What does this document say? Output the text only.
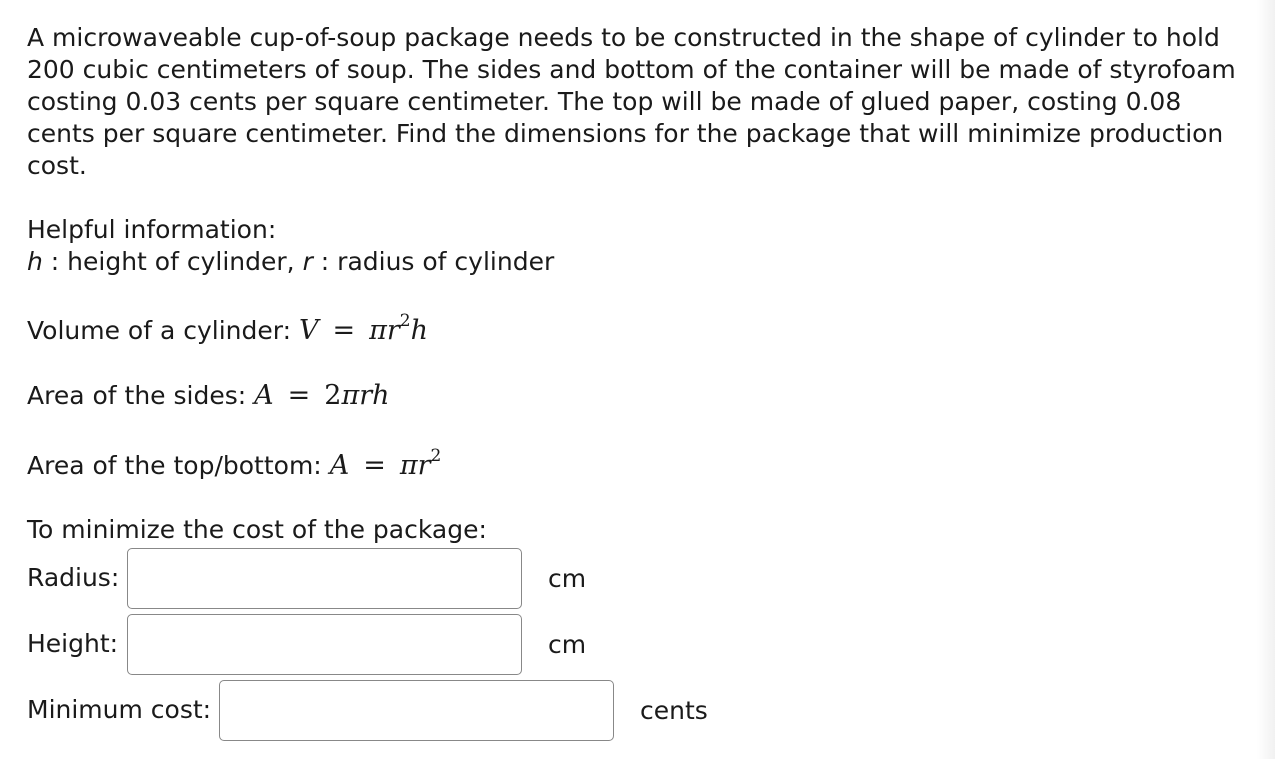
A microwaveable cup-of-soup package needs to be constructed in the shape of cylinder to hold 200 cubic centimeters of soup. The sides and bottom of the container will be made of styrofoam costing 0.03 cents per square centimeter. The top will be made of glued paper, costing 0.08 cents per square centimeter. Find the dimensions for the package that will minimize production cost.

Helpful information:
h : height of cylinder, r : radius of cylinder
Volume of a cylinder: $V = \pi r^2h$
Area of the sides: A = 2πrh
Area of the top/bottom: $A = \pi r^2$
To minimize the cost of the package:
Radius:	cm
Height:	cm
Minimum cost:	cents
